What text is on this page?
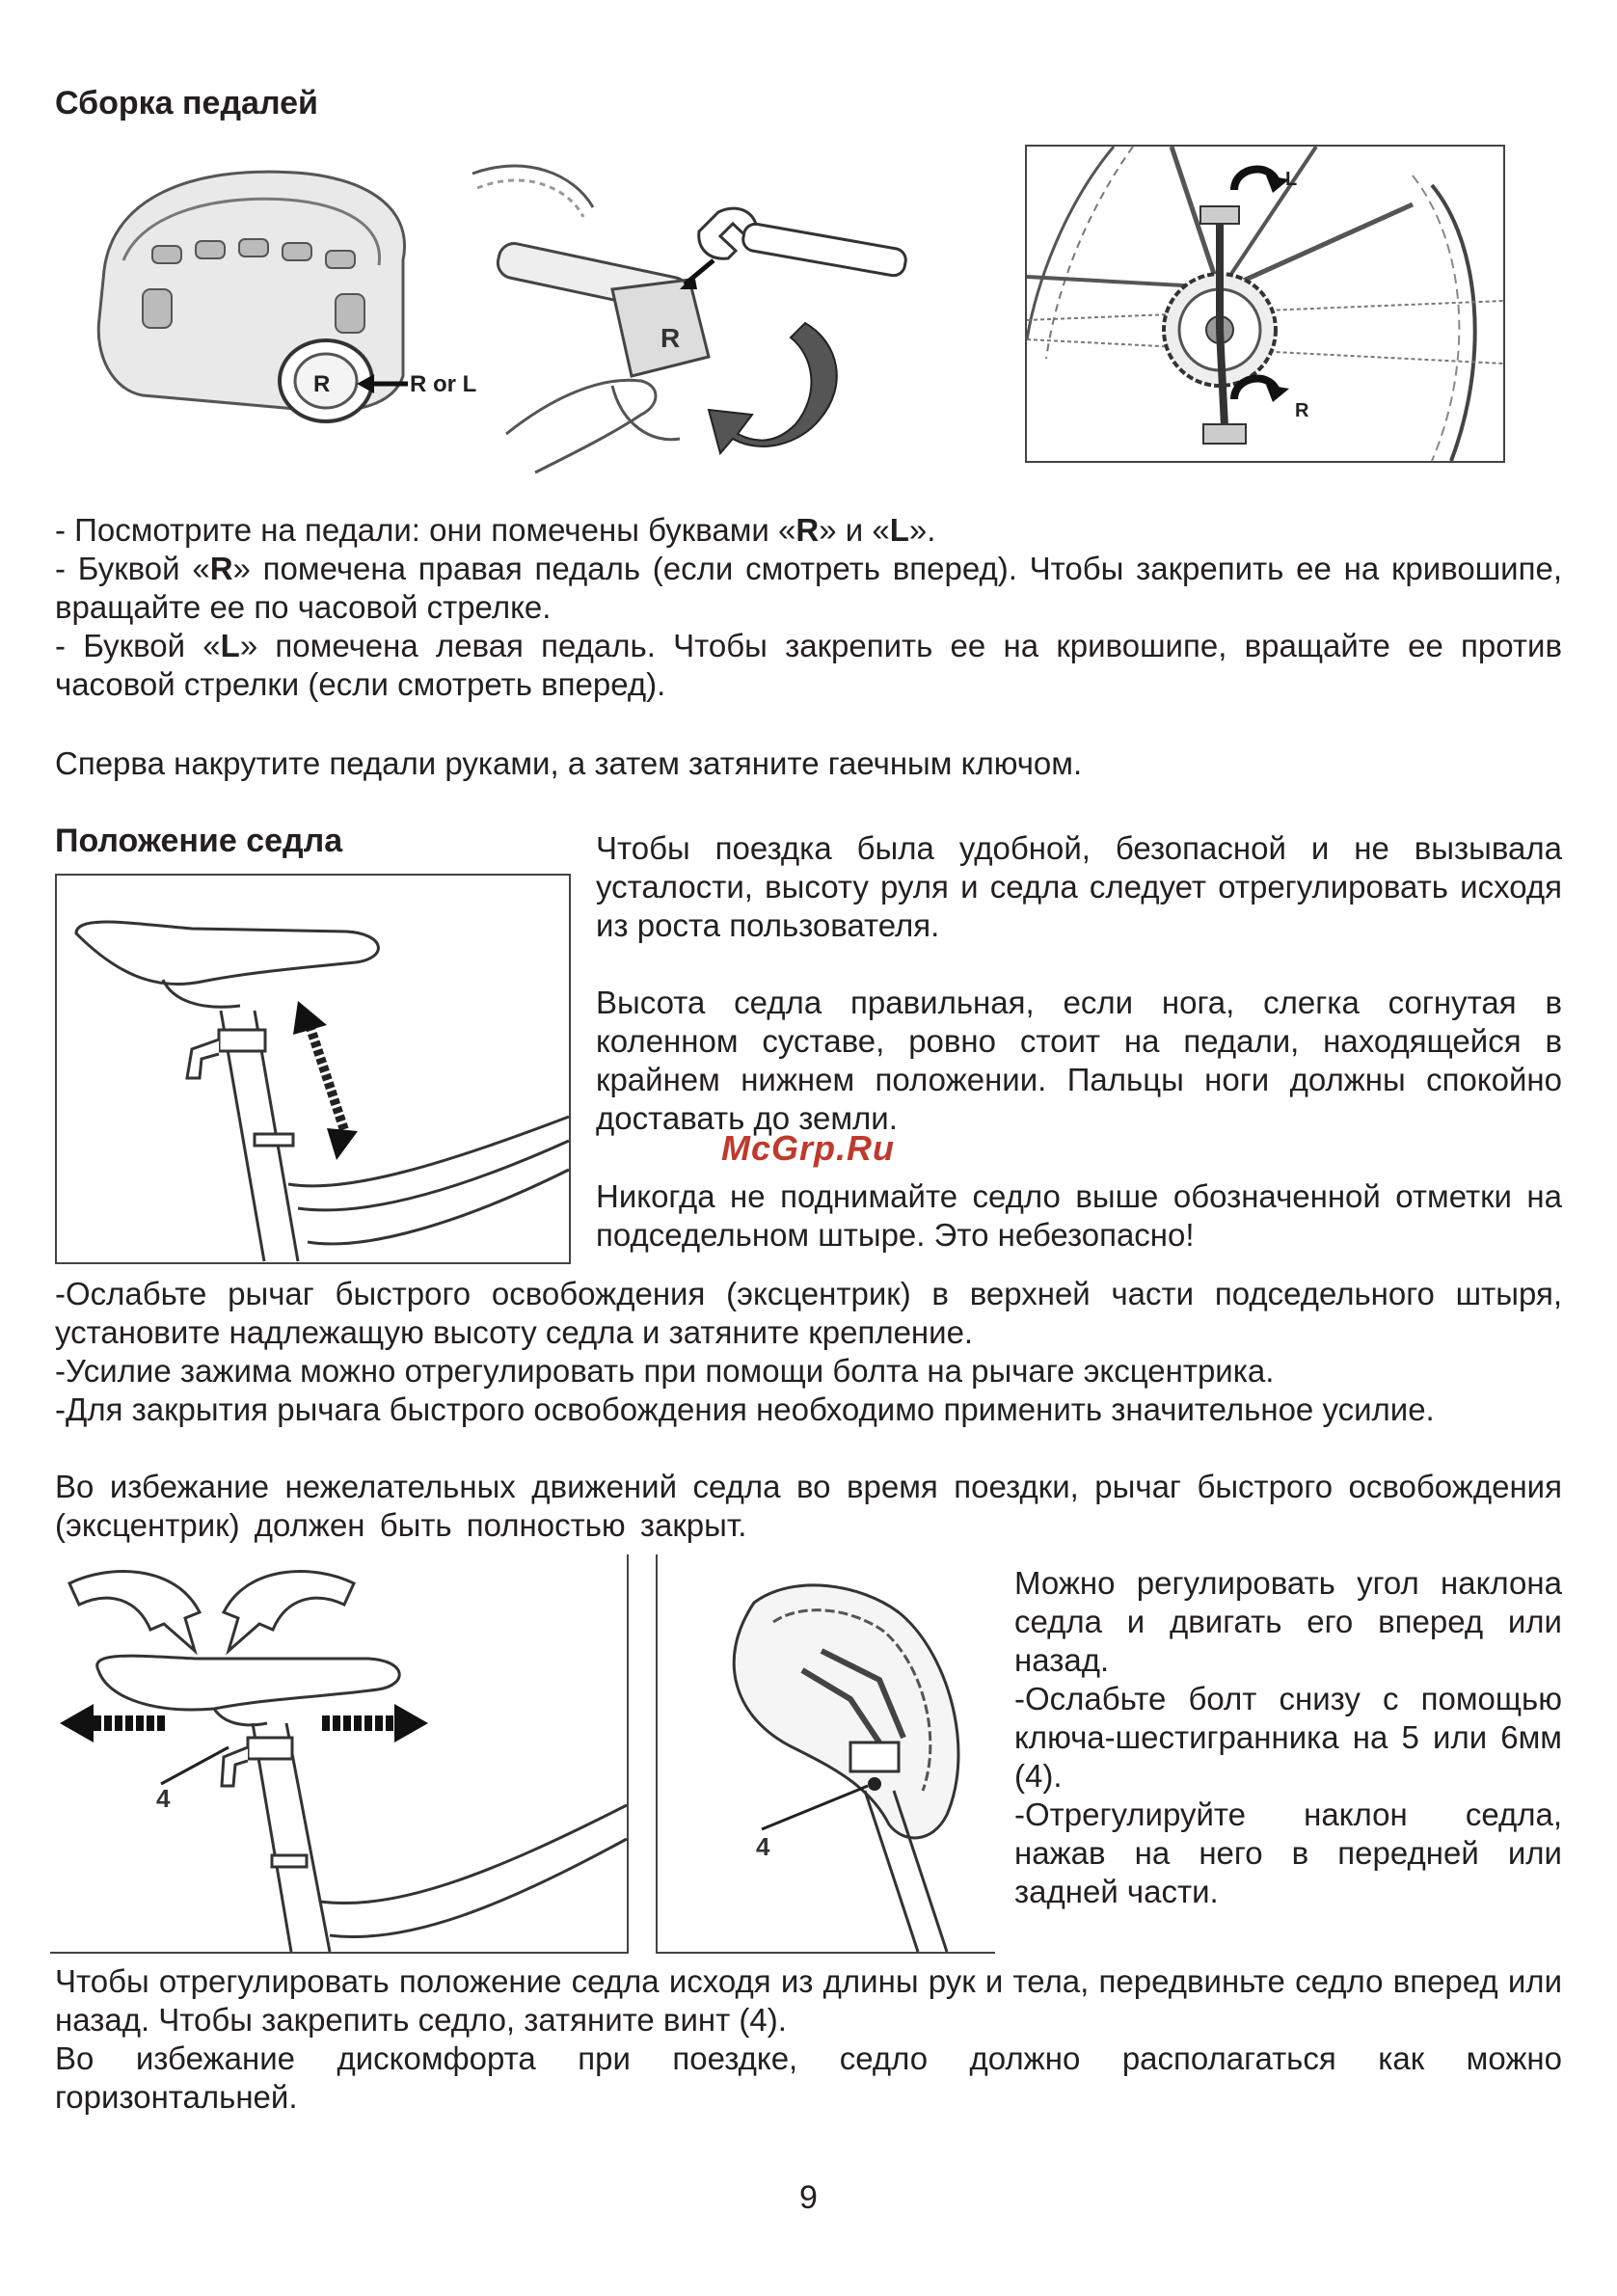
Сборка педалей
R	R or L
R
L
R
- Посмотрите на педали: они помечены буквами «R» и «L».
- Буквой «R» помечена правая педаль (если смотреть вперед). Чтобы закрепить ее на кривошипе, вращайте ее по часовой стрелке.
- Буквой «L» помечена левая педаль. Чтобы закрепить ее на кривошипе, вращайте ее против часовой стрелки (если смотреть вперед).
Сперва накрутите педали руками, а затем затяните гаечным ключом.
Положение седла	Чтобы поездка была удобной, безопасной и не вызывала усталости, высоту руля и седла следует отрегулировать исходя из роста пользователя.
Высота седла правильная, если нога, слегка согнутая в коленном суставе, ровно стоит на педали, находящейся в крайнем нижнем положении. Пальцы ноги должны спокойно доставать до земли.
McGrp.Ru
Никогда не поднимайте седло выше обозначенной отметки на подседельном штыре. Это небезопасно!
-Ослабьте рычаг быстрого освобождения (эксцентрик) в верхней части подседельного штыря, установите надлежащую высоту седла и затяните крепление.
-Усилие зажима можно отрегулировать при помощи болта на рычаге эксцентрика.
-Для закрытия рычага быстрого освобождения необходимо применить значительное усилие.
Во избежание нежелательных движений седла во время поездки, рычаг быстрого освобождения (эксцентрик) должен быть полностью закрыт.
4
4
Можно регулировать угол наклона седла и двигать его вперед или назад.
-Ослабьте болт снизу с помощью ключа-шестигранника на 5 или 6мм (4).
-Отрегулируйте наклон седла, нажав на него в передней или задней части.
Чтобы отрегулировать положение седла исходя из длины рук и тела, передвиньте седло вперед или назад. Чтобы закрепить седло, затяните винт (4).
Во избежание дискомфорта при поездке, седло должно располагаться как можно горизонтальней.
9
